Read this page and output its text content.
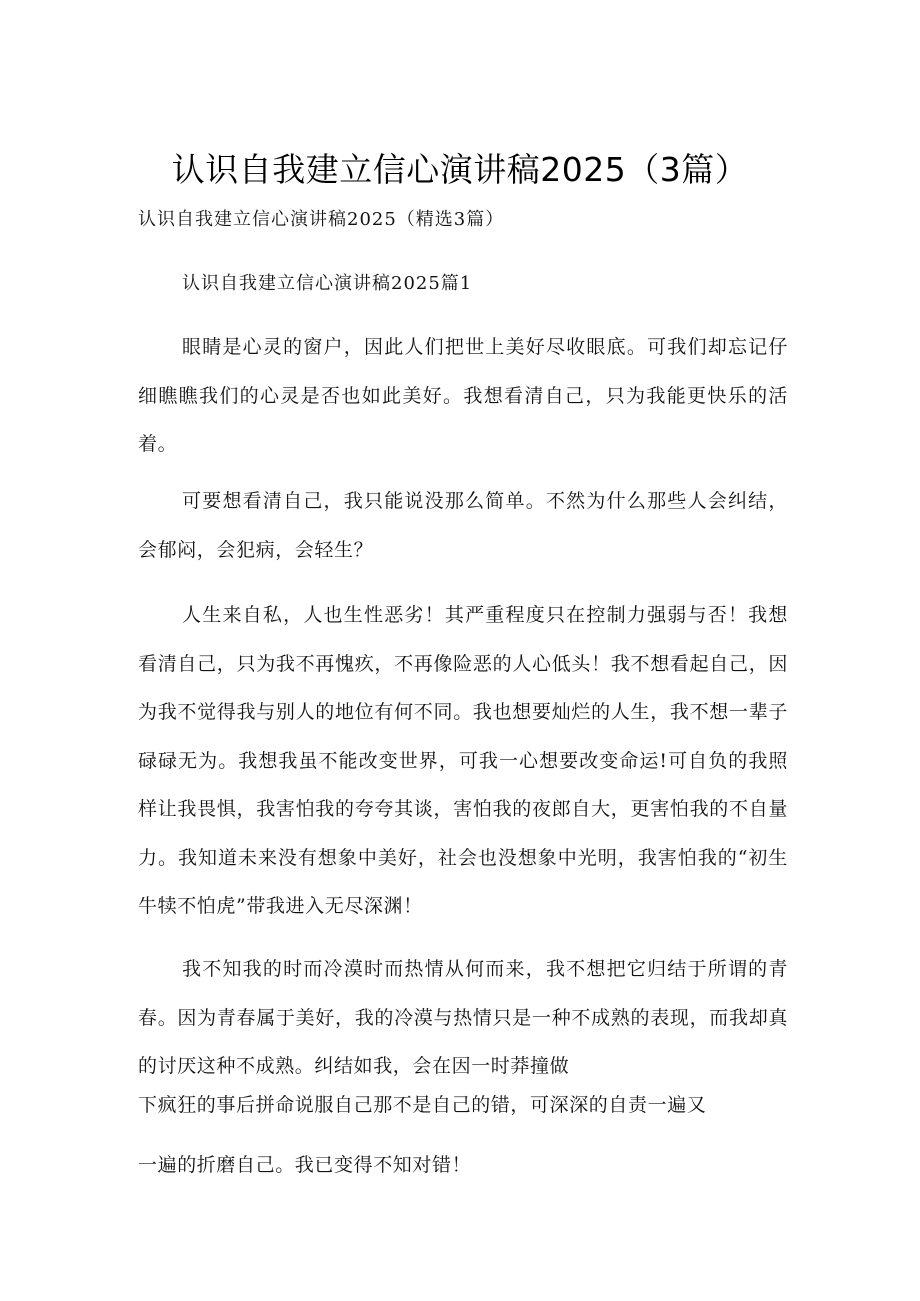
认识自我建立信心演讲稿2025（3篇）
认识自我建立信心演讲稿2025（精选3篇）
认识自我建立信心演讲稿2025篇1

眼睛是心灵的窗户，因此人们把世上美好尽收眼底。可我们却忘记仔细瞧瞧我们的心灵是否也如此美好。我想看清自己，只为我能更快乐的活着。

可要想看清自己，我只能说没那么简单。不然为什么那些人会纠结，会郁闷，会犯病，会轻生？

人生来自私，人也生性恶劣！其严重程度只在控制力强弱与否！我想看清自己，只为我不再愧疚，不再像险恶的人心低头！我不想看起自己，因为我不觉得我与别人的地位有何不同。我也想要灿烂的人生，我不想一辈子碌碌无为。我想我虽不能改变世界，可我一心想要改变命运!可自负的我照样让我畏惧，我害怕我的夸夸其谈，害怕我的夜郎自大，更害怕我的不自量力。我知道未来没有想象中美好，社会也没想象中光明，我害怕我的“初生牛犊不怕虎”带我进入无尽深渊！

我不知我的时而冷漠时而热情从何而来，我不想把它归结于所谓的青春。因为青春属于美好，我的冷漠与热情只是一种不成熟的表现，而我却真的讨厌这种不成熟。纠结如我，会在因一时莽撞做

下疯狂的事后拼命说服自己那不是自己的错，可深深的自责一遍又
一遍的折磨自己。我已变得不知对错！
